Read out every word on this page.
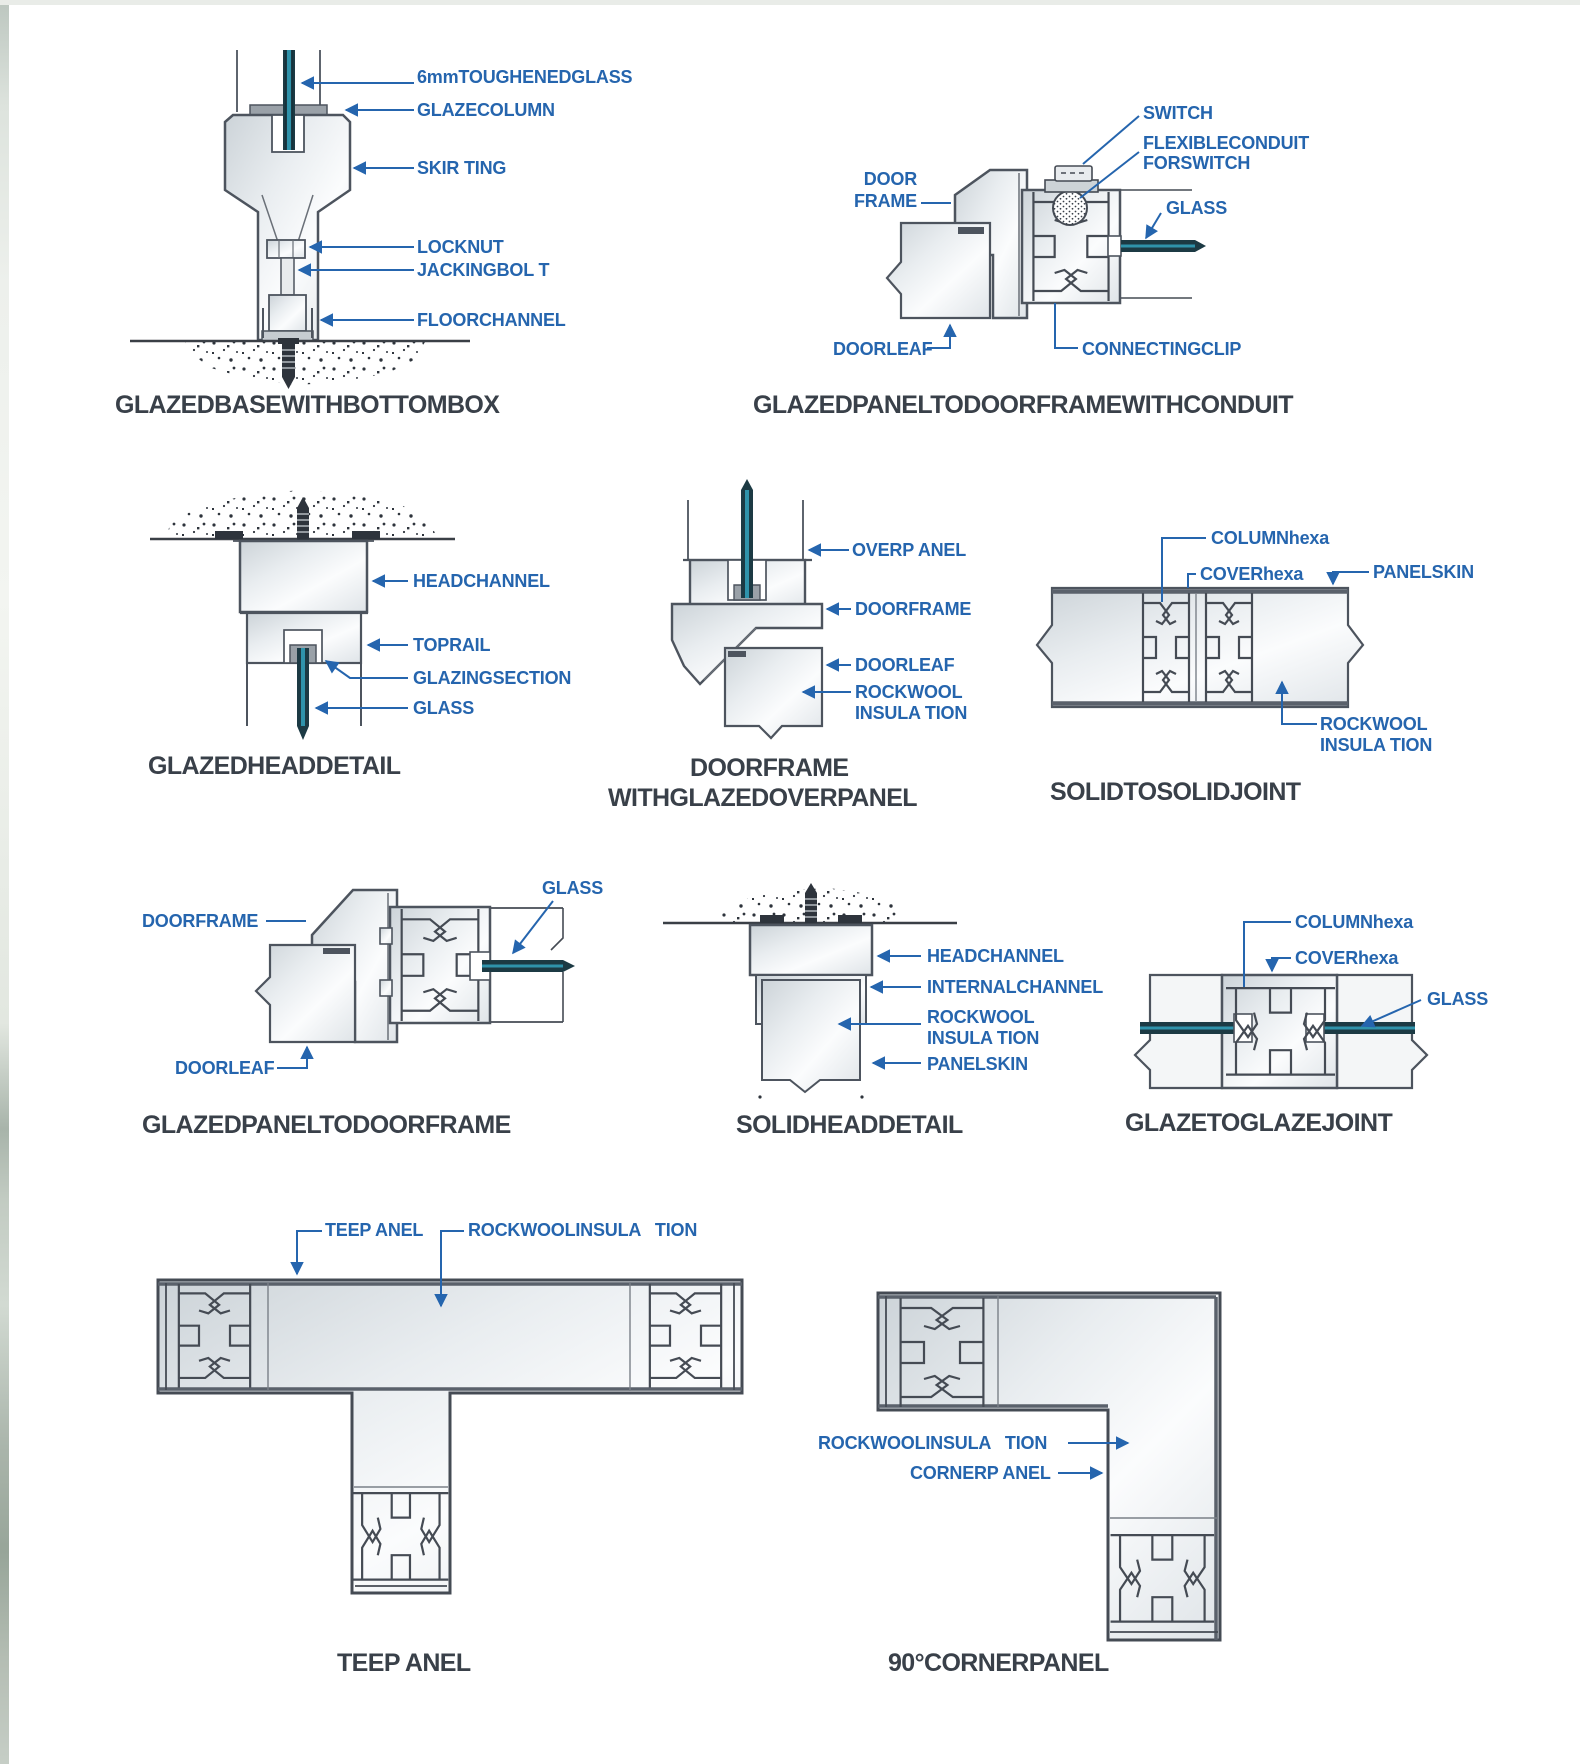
6mmTOUGHENEDGLASS
GLAZECOLUMN
SKIR TING
LOCKNUT
JACKINGBOL T
FLOORCHANNEL
GLAZEDBASEWITHBOTTOMBOX
SWITCH
FLEXIBLECONDUIT
FORSWITCH
DOOR
FRAME	GLASS
DOORLEAF	CONNECTINGCLIP
GLAZEDPANELTODOORFRAMEWITHCONDUIT
HEADCHANNEL
TOPRAIL
GLAZINGSECTION
GLASS
GLAZEDHEADDETAIL
OVERP ANEL
DOORFRAME
DOORLEAF
ROCKWOOL
INSULA TION
DOORFRAME
WITHGLAZEDOVERPANEL
COLUMNhexa
COVERhexa	PANELSKIN
ROCKWOOL
INSULA TION
SOLIDTOSOLIDJOINT
DOORFRAME
GLASS
DOORLEAF
GLAZEDPANELTODOORFRAME
HEADCHANNEL
INTERNALCHANNEL
ROCKWOOL
INSULA TION
PANELSKIN
SOLIDHEADDETAIL
COLUMNhexa
COVERhexa
GLASS
GLAZETOGLAZEJOINT
TEEP ANEL ROCKWOOLINSULA   TION
TEEP ANEL
ROCKWOOLINSULA   TION
CORNERP ANEL
90°CORNERPANEL
